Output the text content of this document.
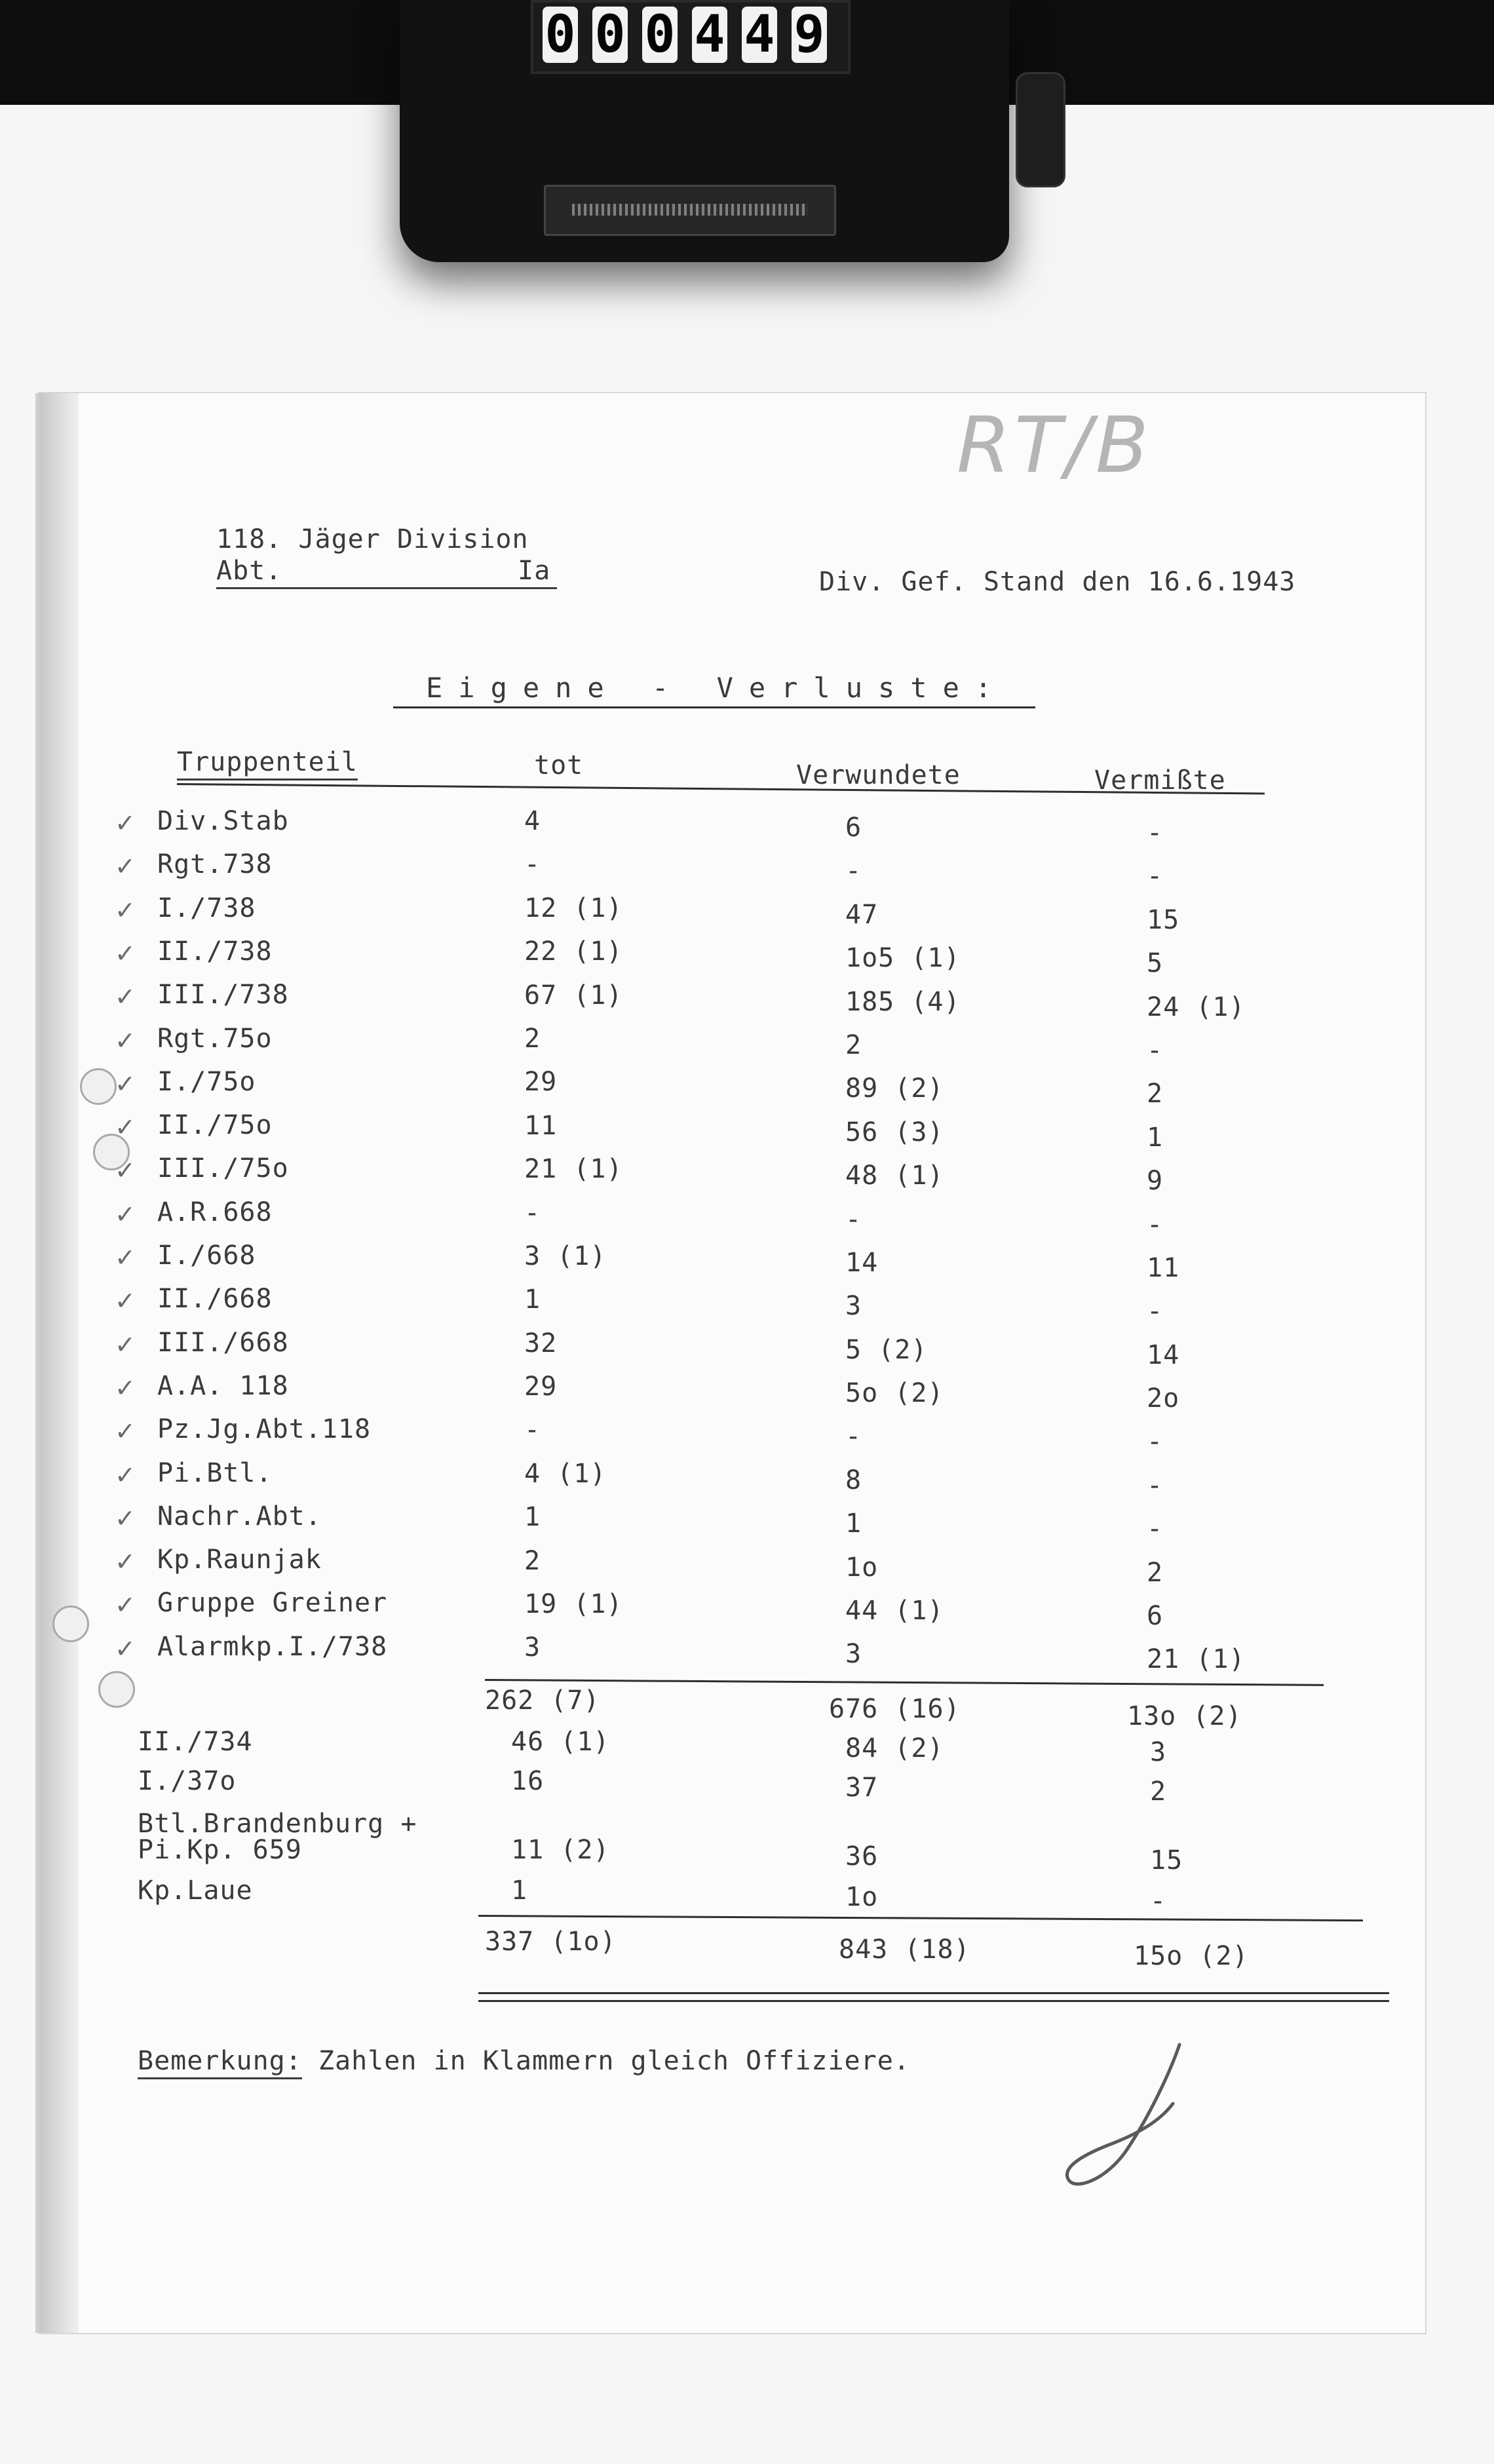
0 0 0 4 4 9
RT/B
118. Jäger Division
Abt.	Ia	Div. Gef. Stand den 16.6.1943
Eigene - Verluste:
Truppenteil	tot	Verwundete	Vermißte
✓ Div.Stab	4	6	-
✓ Rgt.738	-	-	-
✓ I./738	12 (1)	47	15
✓ II./738	22 (1)	1o5 (1)	5
✓ III./738	67 (1)	185 (4)	24 (1)
✓ Rgt.75o	2	2	-
✓ I./75o	29	89 (2)	2
✓ II./75o	11	56 (3)	1
✓ III./75o	21 (1)	48 (1)	9
✓ A.R.668	-	-	-
✓ I./668	3 (1)	14	11
✓ II./668	1	3	-
✓ III./668	32	5 (2)	14
✓ A.A. 118	29	5o (2)	2o
✓ Pz.Jg.Abt.118	-	-	-
✓ Pi.Btl.	4 (1)	8	-
✓ Nachr.Abt.	1	1	-
✓ Kp.Raunjak	2	1o	2
✓ Gruppe Greiner	19 (1)	44 (1)	6
✓ Alarmkp.I./738	3	3	21 (1)
262 (7)	676 (16)	13o (2)
II./734	46 (1)	84 (2)	3
I./37o	16	37	2
Btl.Brandenburg +
Pi.Kp. 659	11 (2)	36	15
Kp.Laue	1	1o	-
337 (1o)	843 (18)	15o (2)
Bemerkung: Zahlen in Klammern gleich Offiziere.
